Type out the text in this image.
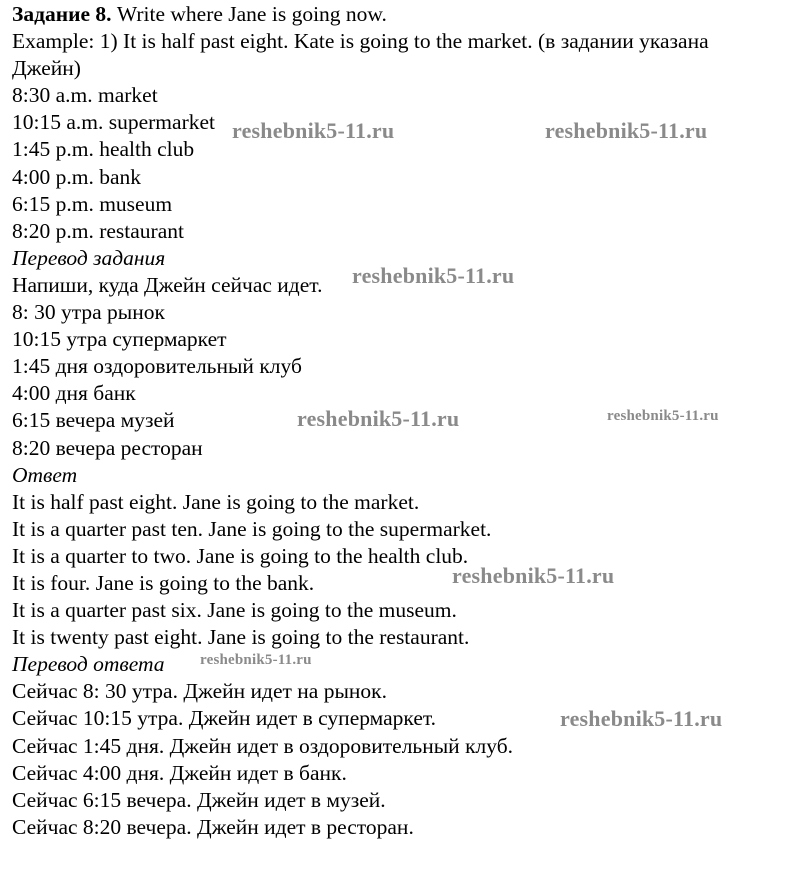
Задание 8. Write where Jane is going now.
Example: 1) It is half past eight. Kate is going to the market. (в задании указана Джейн)
8:30 a.m. market
10:15 a.m. supermarket
1:45 p.m. health club
4:00 p.m. bank
6:15 p.m. museum
8:20 p.m. restaurant
Перевод задания
Напиши, куда Джейн сейчас идет.
8: 30 утра рынок
10:15 утра супермаркет
1:45 дня оздоровительный клуб
4:00 дня банк
6:15 вечера музей
8:20 вечера ресторан
Ответ
It is half past eight. Jane is going to the market.
It is a quarter past ten. Jane is going to the supermarket.
It is a quarter to two. Jane is going to the health club.
It is four. Jane is going to the bank.
It is a quarter past six. Jane is going to the museum.
It is twenty past eight. Jane is going to the restaurant.
Перевод ответа
Сейчас 8: 30 утра. Джейн идет на рынок.
Сейчас 10:15 утра. Джейн идет в супермаркет.
Сейчас 1:45 дня. Джейн идет в оздоровительный клуб.
Сейчас 4:00 дня. Джейн идет в банк.
Сейчас 6:15 вечера. Джейн идет в музей.
Сейчас 8:20 вечера. Джейн идет в ресторан.
reshebnik5-11.ru	reshebnik5-11.ru
reshebnik5-11.ru
reshebnik5-11.ru	reshebnik5-11.ru
reshebnik5-11.ru
reshebnik5-11.ru
reshebnik5-11.ru
